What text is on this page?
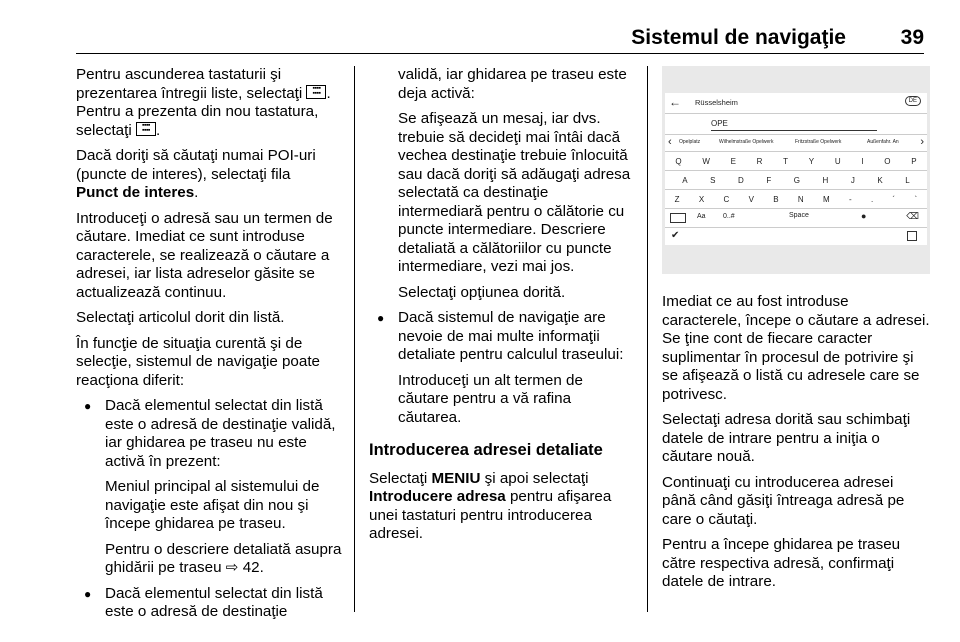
Sistemul de navigaţie	39

Pentru ascunderea tastaturii şi prezentarea întregii liste, selectaţi ▪▪▪▪
▪▪▪▪ . Pentru a prezenta din nou tastatura, selectaţi ▪▪▪▪
▪▪▪▪ .

Dacă doriţi să căutaţi numai POI-uri (puncte de interes), selectaţi fila
Punct de interes.

Introduceţi o adresă sau un termen de căutare. Imediat ce sunt introduse caracterele, se realizează o căutare a adresei, iar lista adreselor găsite se actualizează continuu.

Selectaţi articolul dorit din listă.

În funcţie de situaţia curentă şi de selecţie, sistemul de navigaţie poate reacţiona diferit:

● Dacă elementul selectat din listă este o adresă de destinaţie validă, iar ghidarea pe traseu nu este activă în prezent:

Meniul principal al sistemului de navigaţie este afişat din nou şi începe ghidarea pe traseu.

Pentru o descriere detaliată asupra ghidării pe traseu ⇨ 42.

● Dacă elementul selectat din listă este o adresă de destinaţie

validă, iar ghidarea pe traseu este deja activă:

Se afişează un mesaj, iar dvs. trebuie să decideţi mai întâi dacă vechea destinaţie trebuie înlocuită sau dacă doriţi să adăugaţi adresa selectată ca destinaţie intermediară pentru o călătorie cu puncte intermediare. Descriere detaliată a călătoriilor cu puncte intermediare, vezi mai jos.

Selectaţi opţiunea dorită.

● Dacă sistemul de navigaţie are nevoie de mai multe informaţii detaliate pentru calculul traseului:

Introduceţi un alt termen de căutare pentru a vă rafina căutarea.

Introducerea adresei detaliate

Selectaţi MENIU şi apoi selectaţi Introducere adresa pentru afişarea unei tastaturi pentru introducerea adresei.

← Rüsselsheim	DE
OPE
‹ Opelplatz	Wilhelmstraße Opelwerk	Fritzstraße Opelwerk	Außenfahr. An ›
Q	W	E	R	T	Y	U	I	O	P
A	S	D	F	G	H	J	K	L
Z X C V B N M - . ´ `
Aa 0..#	Space	●	⌫
✔

Imediat ce au fost introduse caracterele, începe o căutare a adresei. Se ţine cont de fiecare caracter suplimentar în procesul de potrivire şi se afişează o listă cu adresele care se potrivesc.

Selectaţi adresa dorită sau schimbaţi datele de intrare pentru a iniţia o căutare nouă.

Continuaţi cu introducerea adresei până când găsiţi întreaga adresă pe care o căutaţi.

Pentru a începe ghidarea pe traseu către respectiva adresă, confirmaţi datele de intrare.
